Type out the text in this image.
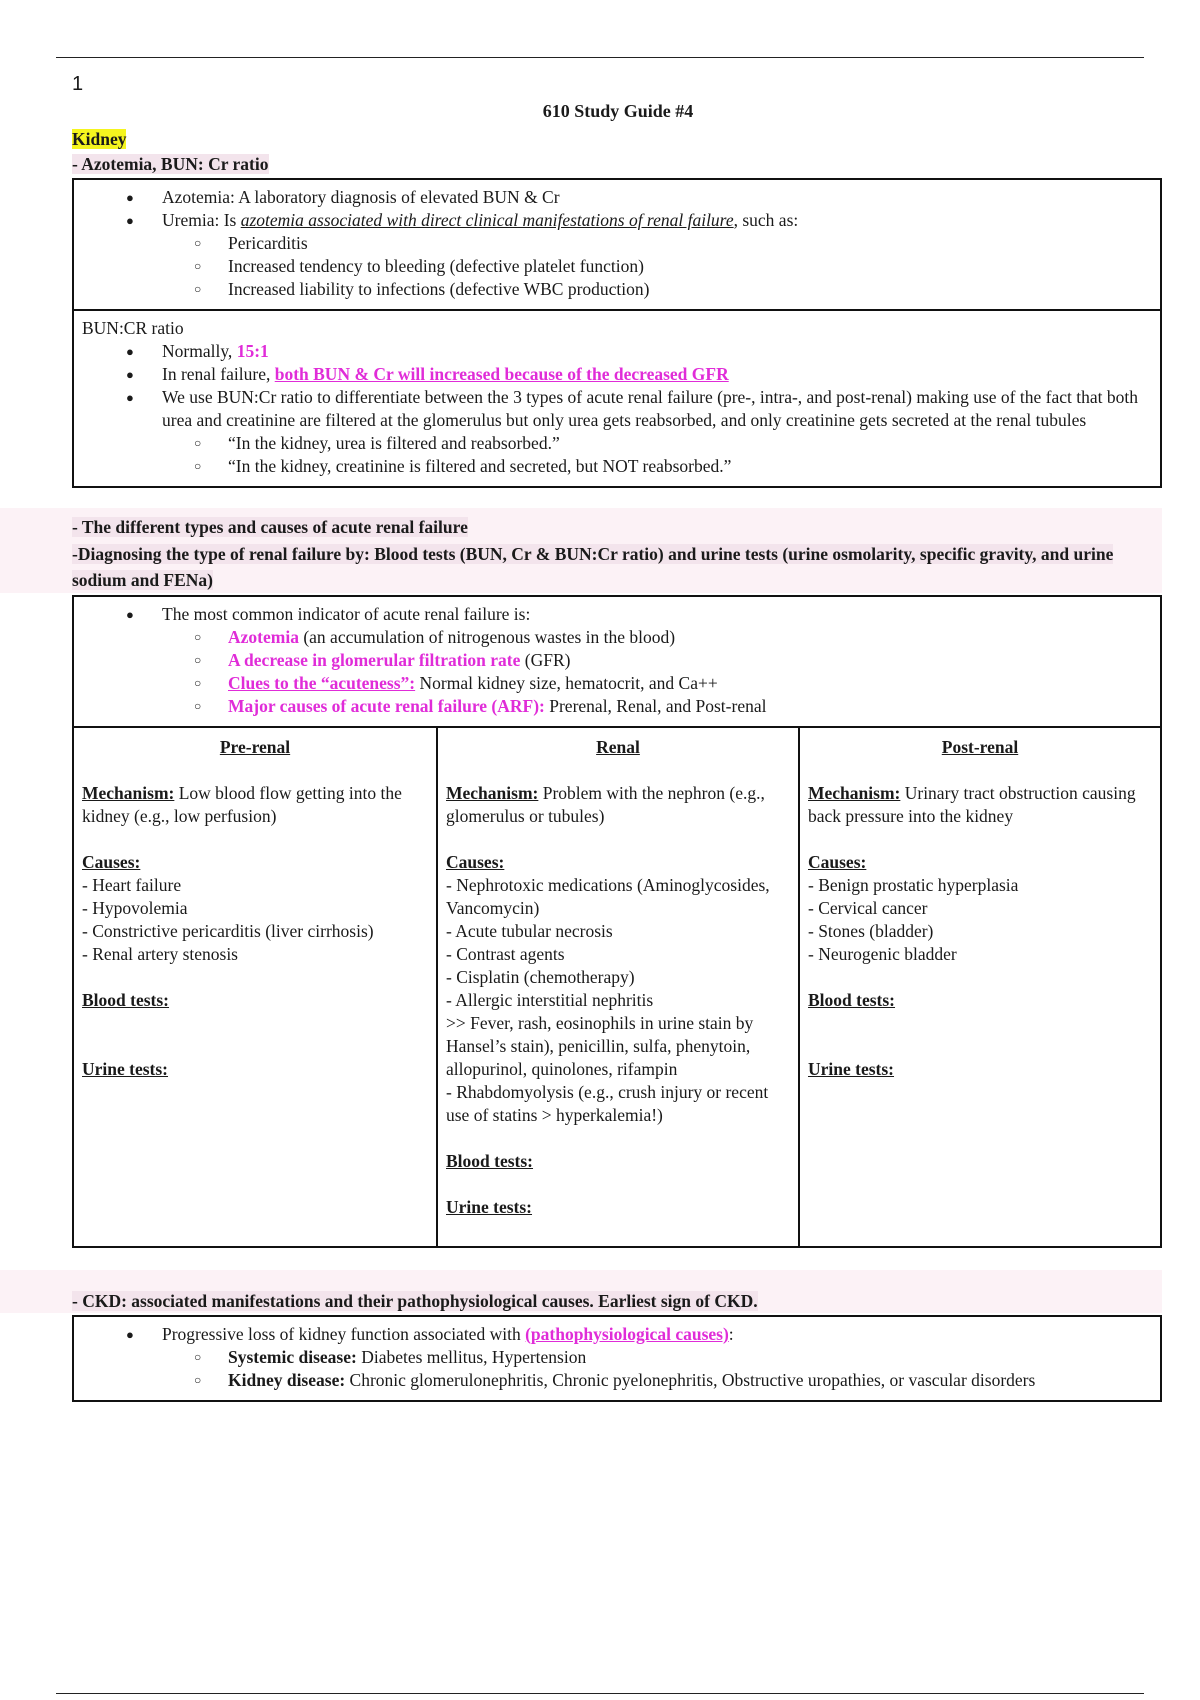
1
610 Study Guide #4
Kidney
- Azotemia, BUN: Cr ratio
● Azotemia: A laboratory diagnosis of elevated BUN & Cr
● Uremia: Is azotemia associated with direct clinical manifestations of renal failure, such as:
○ Pericarditis
○ Increased tendency to bleeding (defective platelet function)
○ Increased liability to infections (defective WBC production)
BUN:CR ratio
● Normally, 15:1
● In renal failure, both BUN & Cr will increased because of the decreased GFR
● We use BUN:Cr ratio to differentiate between the 3 types of acute renal failure (pre-, intra-, and post-renal) making use of the fact that both urea and creatinine are filtered at the glomerulus but only urea gets reabsorbed, and only creatinine gets secreted at the renal tubules
○ “In the kidney, urea is filtered and reabsorbed.”
○ “In the kidney, creatinine is filtered and secreted, but NOT reabsorbed.”
- The different types and causes of acute renal failure
-Diagnosing the type of renal failure by: Blood tests (BUN, Cr & BUN:Cr ratio) and urine tests (urine osmolarity, specific gravity, and urine sodium and FENa)
● The most common indicator of acute renal failure is:
○ Azotemia (an accumulation of nitrogenous wastes in the blood)
○ A decrease in glomerular filtration rate (GFR)
○ Clues to the “acuteness”: Normal kidney size, hematocrit, and Ca++
○ Major causes of acute renal failure (ARF): Prerenal, Renal, and Post-renal
Pre-renal
Mechanism: Low blood flow getting into the kidney (e.g., low perfusion)
Causes:
- Heart failure
- Hypovolemia
- Constrictive pericarditis (liver cirrhosis)
- Renal artery stenosis
Blood tests:
Urine tests:
Renal
Mechanism: Problem with the nephron (e.g., glomerulus or tubules)
Causes:
- Nephrotoxic medications (Aminoglycosides, Vancomycin)
- Acute tubular necrosis
- Contrast agents
- Cisplatin (chemotherapy)
- Allergic interstitial nephritis
>> Fever, rash, eosinophils in urine stain by Hansel’s stain), penicillin, sulfa, phenytoin, allopurinol, quinolones, rifampin
- Rhabdomyolysis (e.g., crush injury or recent use of statins > hyperkalemia!)
Blood tests:
Urine tests:
Post-renal
Mechanism: Urinary tract obstruction causing back pressure into the kidney
Causes:
- Benign prostatic hyperplasia
- Cervical cancer
- Stones (bladder)
- Neurogenic bladder
Blood tests:
Urine tests:
- CKD: associated manifestations and their pathophysiological causes. Earliest sign of CKD.
● Progressive loss of kidney function associated with (pathophysiological causes):
○ Systemic disease: Diabetes mellitus, Hypertension
○ Kidney disease: Chronic glomerulonephritis, Chronic pyelonephritis, Obstructive uropathies, or vascular disorders
